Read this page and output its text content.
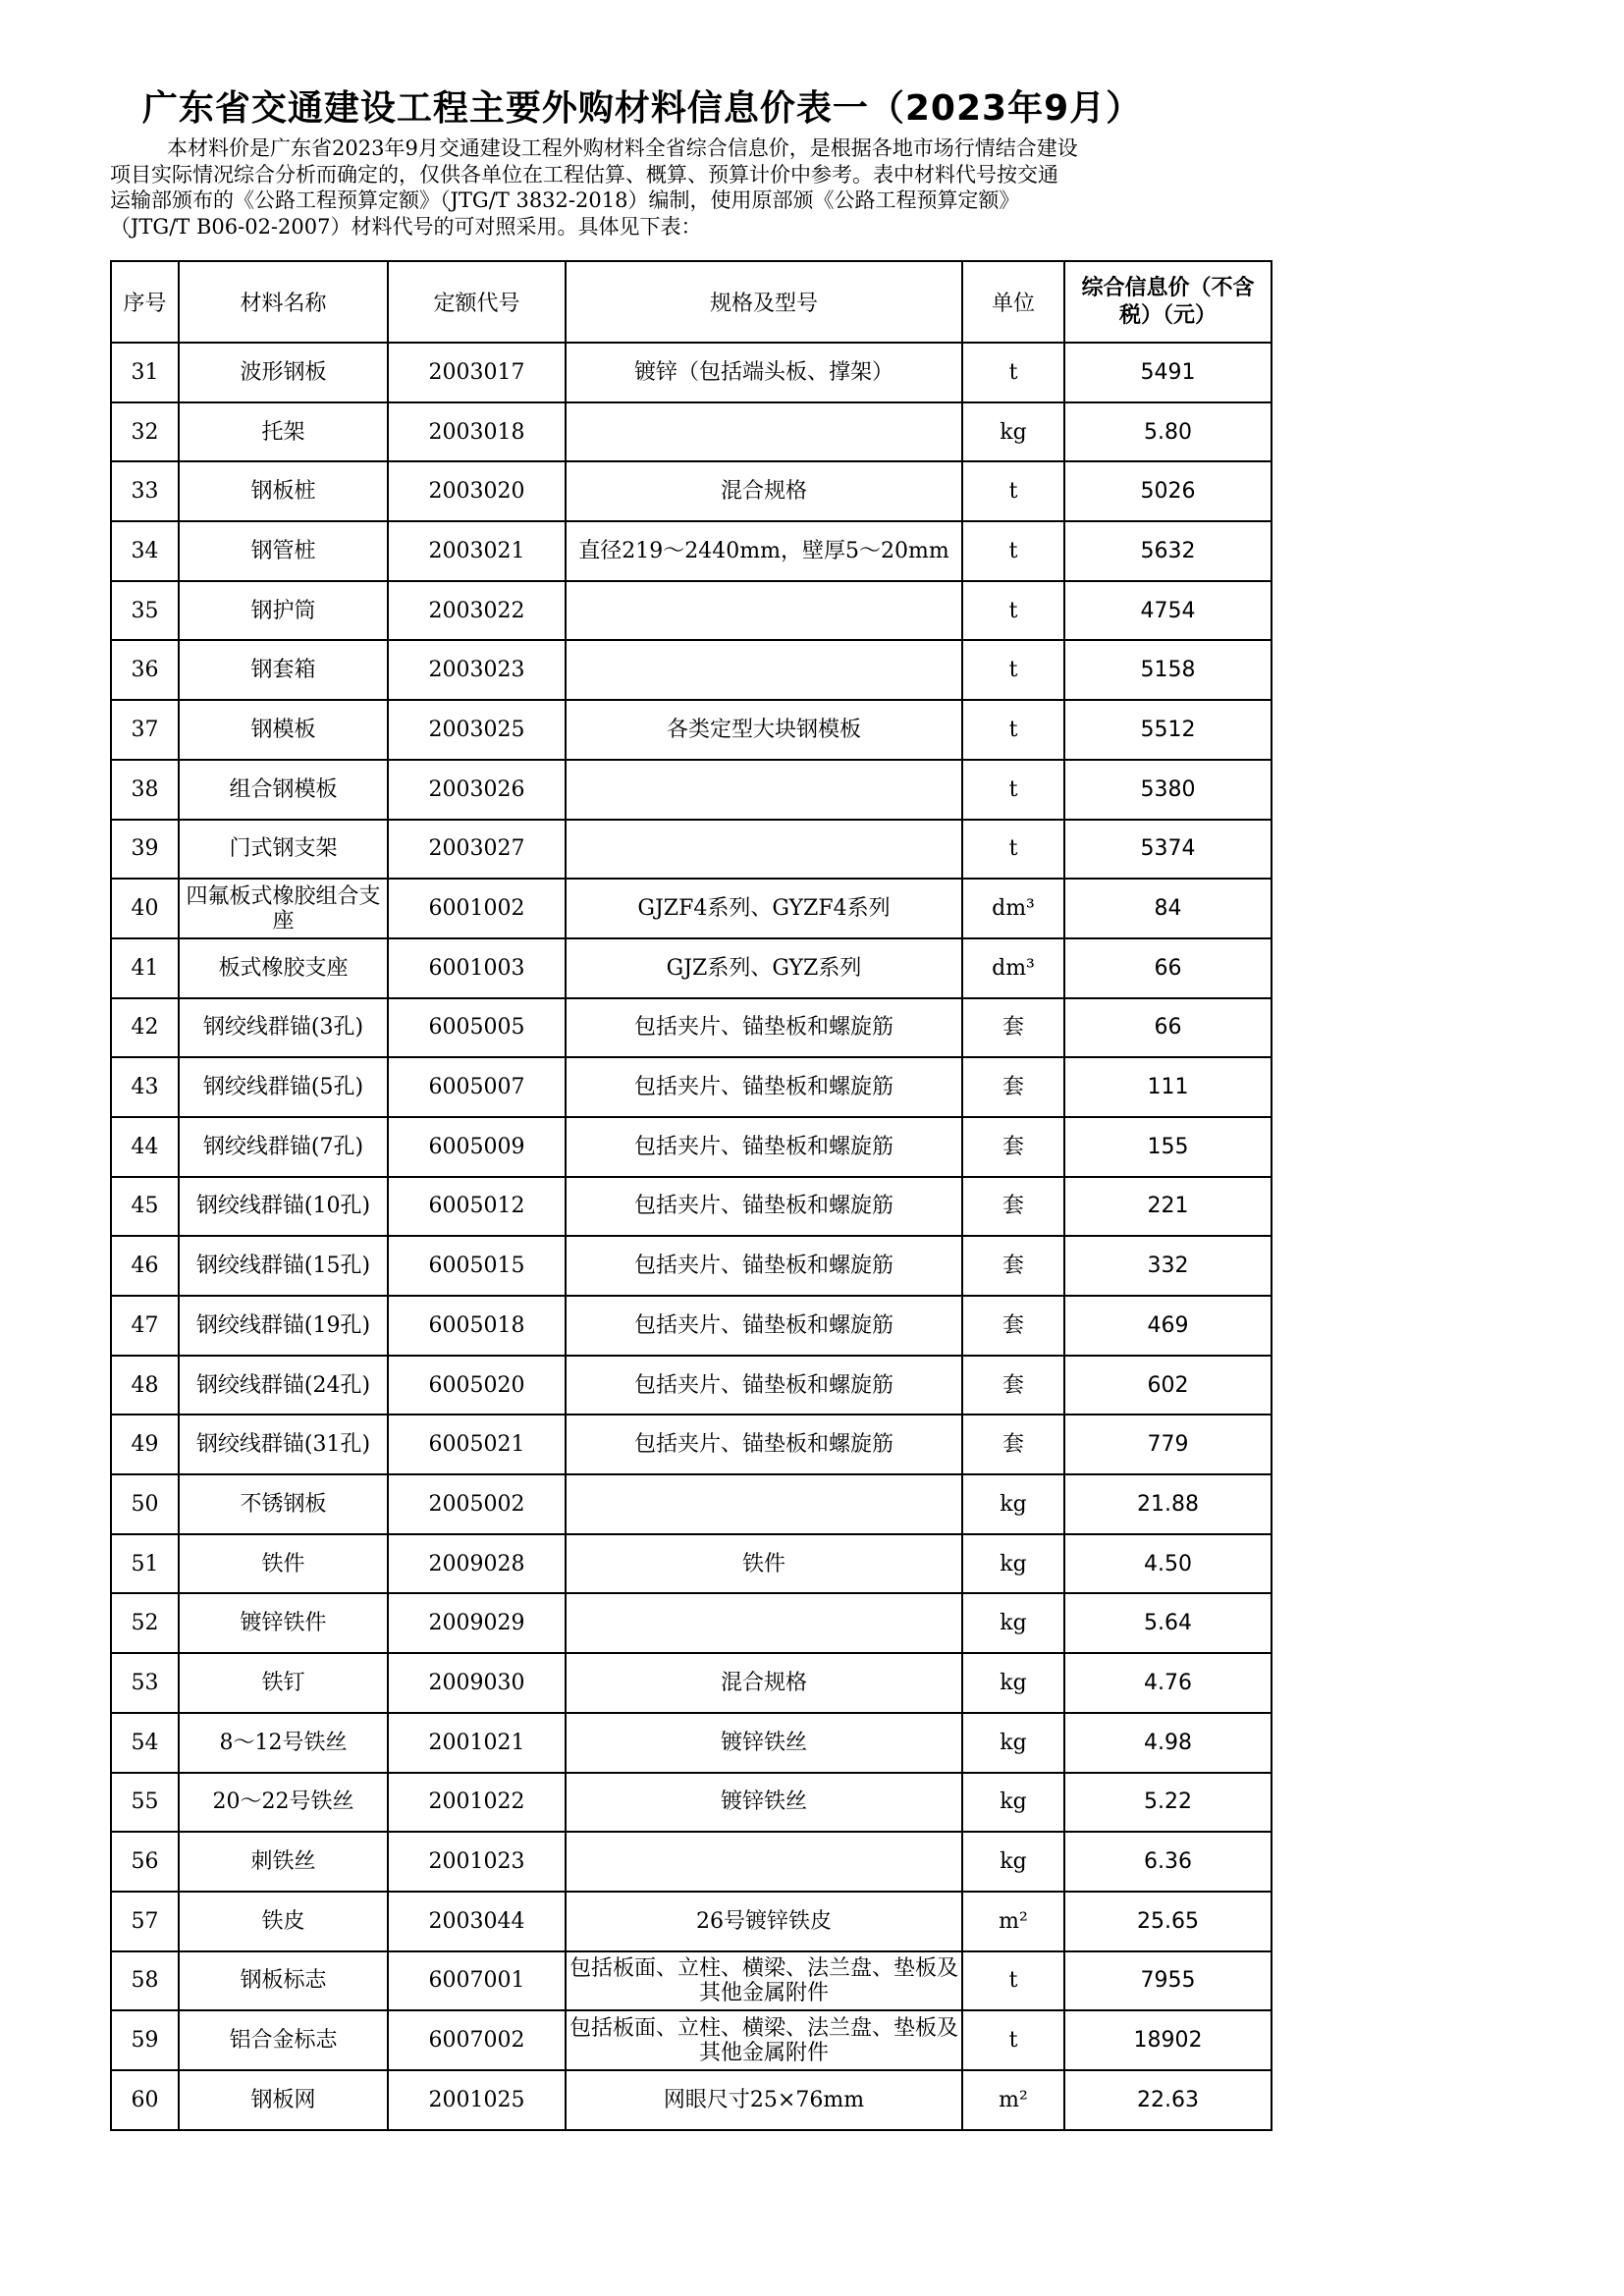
广东省交通建设工程主要外购材料信息价表一（2023年9月）

本材料价是广东省2023年9月交通建设工程外购材料全省综合信息价，是根据各地市场行情结合建设

项目实际情况综合分析而确定的，仅供各单位在工程估算、概算、预算计价中参考。表中材料代号按交通

运输部颁布的《公路工程预算定额》（JTG/T 3832-2018）编制，使用原部颁《公路工程预算定额》

（JTG/T B06-02-2007）材料代号的可对照采用。具体见下表：

序号	材料名称	定额代号	规格及型号	单位	综合信息价（不含税）（元）
31	波形钢板	2003017	镀锌（包括端头板、撑架）	t	5491
32	托架	2003018		kg	5.80
33	钢板桩	2003020	混合规格	t	5026
34	钢管桩	2003021	直径219～2440mm，壁厚5～20mm	t	5632
35	钢护筒	2003022		t	4754
36	钢套箱	2003023		t	5158
37	钢模板	2003025	各类定型大块钢模板	t	5512
38	组合钢模板	2003026		t	5380
39	门式钢支架	2003027		t	5374
40	四氟板式橡胶组合支座	6001002	GJZF4系列、GYZF4系列	dm³	84
41	板式橡胶支座	6001003	GJZ系列、GYZ系列	dm³	66
42	钢绞线群锚(3孔)	6005005	包括夹片、锚垫板和螺旋筋	套	66
43	钢绞线群锚(5孔)	6005007	包括夹片、锚垫板和螺旋筋	套	111
44	钢绞线群锚(7孔)	6005009	包括夹片、锚垫板和螺旋筋	套	155
45	钢绞线群锚(10孔)	6005012	包括夹片、锚垫板和螺旋筋	套	221
46	钢绞线群锚(15孔)	6005015	包括夹片、锚垫板和螺旋筋	套	332
47	钢绞线群锚(19孔)	6005018	包括夹片、锚垫板和螺旋筋	套	469
48	钢绞线群锚(24孔)	6005020	包括夹片、锚垫板和螺旋筋	套	602
49	钢绞线群锚(31孔)	6005021	包括夹片、锚垫板和螺旋筋	套	779
50	不锈钢板	2005002		kg	21.88
51	铁件	2009028	铁件	kg	4.50
52	镀锌铁件	2009029		kg	5.64
53	铁钉	2009030	混合规格	kg	4.76
54	8～12号铁丝	2001021	镀锌铁丝	kg	4.98
55	20～22号铁丝	2001022	镀锌铁丝	kg	5.22
56	刺铁丝	2001023		kg	6.36
57	铁皮	2003044	26号镀锌铁皮	m²	25.65
58	钢板标志	6007001	包括板面、立柱、横梁、法兰盘、垫板及其他金属附件	t	7955
59	铝合金标志	6007002	包括板面、立柱、横梁、法兰盘、垫板及其他金属附件	t	18902
60	钢板网	2001025	网眼尺寸25×76mm	m²	22.63
